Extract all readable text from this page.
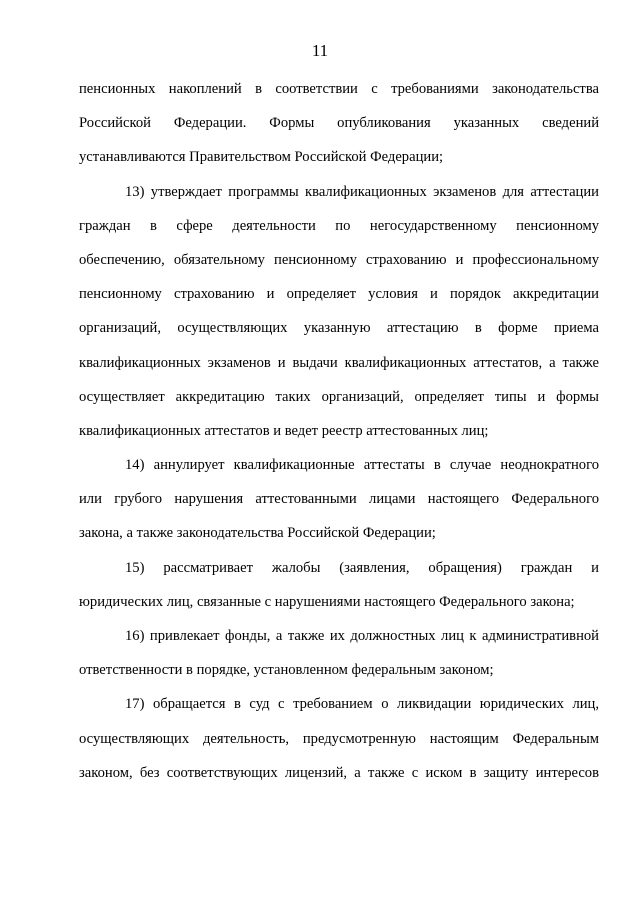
11
пенсионных накоплений в соответствии с требованиями законодательства
Российской Федерации. Формы опубликования указанных сведений
устанавливаются Правительством Российской Федерации;
13) утверждает программы квалификационных экзаменов для аттестации
граждан в сфере деятельности по негосударственному пенсионному
обеспечению, обязательному пенсионному страхованию и профессиональному
пенсионному страхованию и определяет условия и порядок аккредитации
организаций, осуществляющих указанную аттестацию в форме приема
квалификационных экзаменов и выдачи квалификационных аттестатов, а также
осуществляет аккредитацию таких организаций, определяет типы и формы
квалификационных аттестатов и ведет реестр аттестованных лиц;
14) аннулирует квалификационные аттестаты в случае неоднократного
или грубого нарушения аттестованными лицами настоящего Федерального
закона, а также законодательства Российской Федерации;
15) рассматривает жалобы (заявления, обращения) граждан и
юридических лиц, связанные с нарушениями настоящего Федерального закона;
16) привлекает фонды, а также их должностных лиц к административной
ответственности в порядке, установленном федеральным законом;
17) обращается в суд с требованием о ликвидации юридических лиц,
осуществляющих деятельность, предусмотренную настоящим Федеральным
законом, без соответствующих лицензий, а также с иском в защиту интересов
